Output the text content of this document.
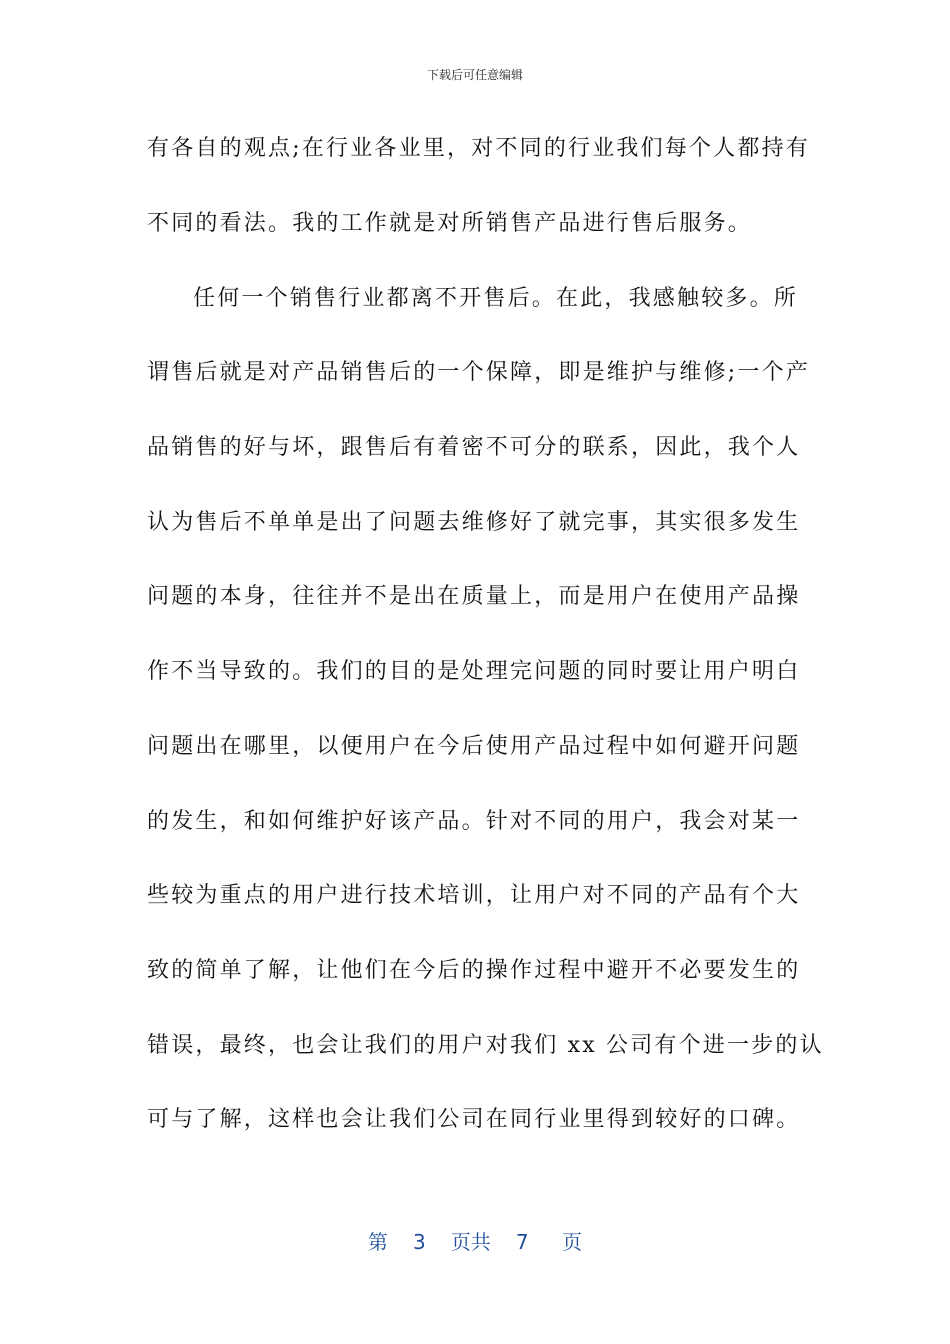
下载后可任意编辑
有各自的观点;在行业各业里，对不同的行业我们每个人都持有
不同的看法。我的工作就是对所销售产品进行售后服务。
任何一个销售行业都离不开售后。在此，我感触较多。所
谓售后就是对产品销售后的一个保障，即是维护与维修;一个产
品销售的好与坏，跟售后有着密不可分的联系，因此，我个人
认为售后不单单是出了问题去维修好了就完事，其实很多发生
问题的本身，往往并不是出在质量上，而是用户在使用产品操
作不当导致的。我们的目的是处理完问题的同时要让用户明白
问题出在哪里，以便用户在今后使用产品过程中如何避开问题
的发生，和如何维护好该产品。针对不同的用户，我会对某一
些较为重点的用户进行技术培训，让用户对不同的产品有个大
致的简单了解，让他们在今后的操作过程中避开不必要发生的
错误，最终，也会让我们的用户对我们 xx 公司有个进一步的认
可与了解，这样也会让我们公司在同行业里得到较好的口碑。
第 3 页共 7 页
